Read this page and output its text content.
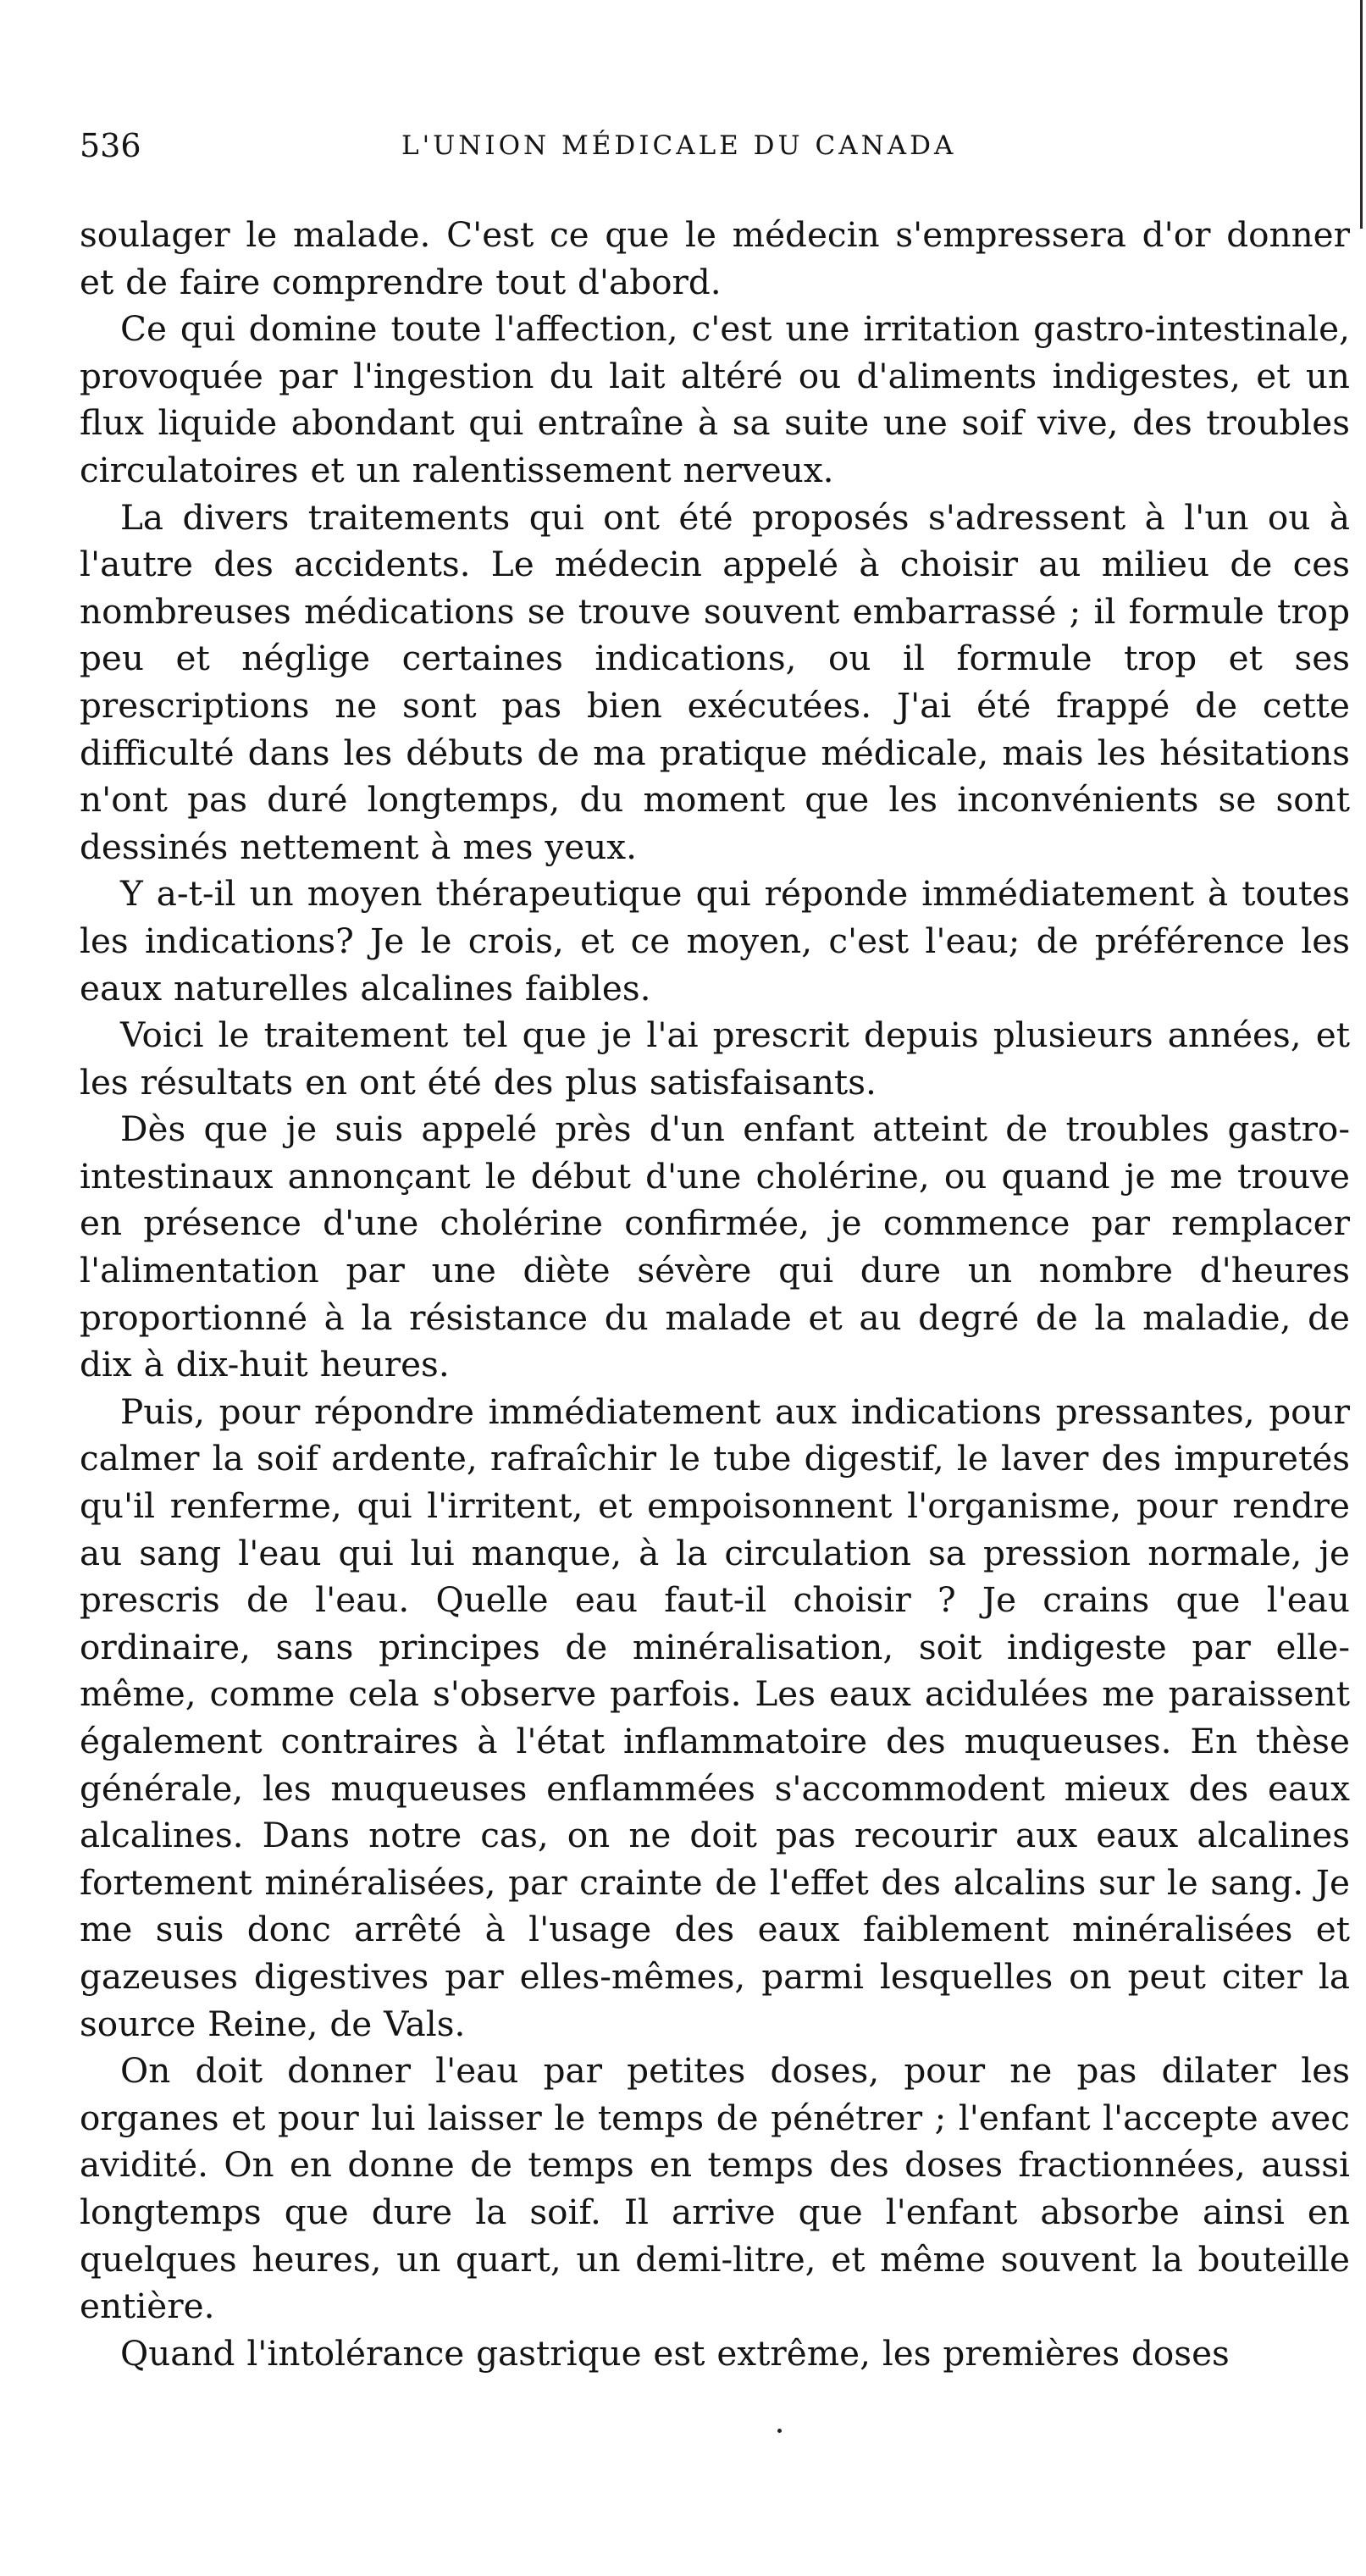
536	L'UNION MÉDICALE DU CANADA

soulager le malade. C'est ce que le médecin s'empressera d'or donner et de faire comprendre tout d'abord.

Ce qui domine toute l'affection, c'est une irritation gastro-intestinale, provoquée par l'ingestion du lait altéré ou d'aliments indigestes, et un flux liquide abondant qui entraîne à sa suite une soif vive, des troubles circulatoires et un ralentissement nerveux.

La divers traitements qui ont été proposés s'adressent à l'un ou à l'autre des accidents. Le médecin appelé à choisir au milieu de ces nombreuses médications se trouve souvent embarrassé ; il formule trop peu et néglige certaines indications, ou il formule trop et ses prescriptions ne sont pas bien exécutées. J'ai été frappé de cette difficulté dans les débuts de ma pratique médicale, mais les hésitations n'ont pas duré longtemps, du moment que les inconvénients se sont dessinés nettement à mes yeux.

Y a-t-il un moyen thérapeutique qui réponde immédiatement à toutes les indications? Je le crois, et ce moyen, c'est l'eau; de préférence les eaux naturelles alcalines faibles.

Voici le traitement tel que je l'ai prescrit depuis plusieurs années, et les résultats en ont été des plus satisfaisants.

Dès que je suis appelé près d'un enfant atteint de troubles gastro-intestinaux annonçant le début d'une cholérine, ou quand je me trouve en présence d'une cholérine confirmée, je commence par remplacer l'alimentation par une diète sévère qui dure un nombre d'heures proportionné à la résistance du malade et au degré de la maladie, de dix à dix-huit heures.

Puis, pour répondre immédiatement aux indications pressantes, pour calmer la soif ardente, rafraîchir le tube digestif, le laver des impuretés qu'il renferme, qui l'irritent, et empoisonnent l'organisme, pour rendre au sang l'eau qui lui manque, à la circulation sa pression normale, je prescris de l'eau. Quelle eau faut-il choisir ? Je crains que l'eau ordinaire, sans principes de minéralisation, soit indigeste par elle-même, comme cela s'observe parfois. Les eaux acidulées me paraissent également contraires à l'état inflammatoire des muqueuses. En thèse générale, les muqueuses enflammées s'accommodent mieux des eaux alcalines. Dans notre cas, on ne doit pas recourir aux eaux alcalines fortement minéralisées, par crainte de l'effet des alcalins sur le sang. Je me suis donc arrêté à l'usage des eaux faiblement minéralisées et gazeuses digestives par elles-mêmes, parmi lesquelles on peut citer la source Reine, de Vals.

On doit donner l'eau par petites doses, pour ne pas dilater les organes et pour lui laisser le temps de pénétrer ; l'enfant l'accepte avec avidité. On en donne de temps en temps des doses fractionnées, aussi longtemps que dure la soif. Il arrive que l'enfant absorbe ainsi en quelques heures, un quart, un demi-litre, et même souvent la bouteille entière.

Quand l'intolérance gastrique est extrême, les premières doses
